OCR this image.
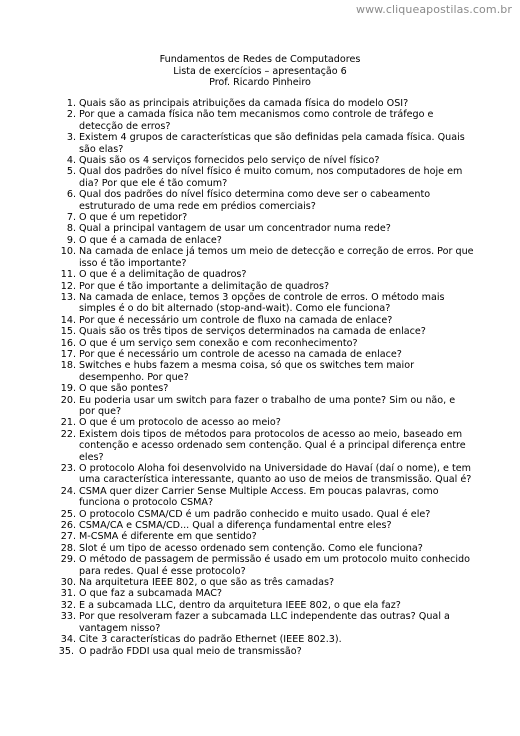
www.cliqueapostilas.com.br
Fundamentos de Redes de Computadores
Lista de exercícios – apresentação 6
Prof. Ricardo Pinheiro
1. Quais são as principais atribuições da camada física do modelo OSI?
2. Por que a camada física não tem mecanismos como controle de tráfego e detecção de erros?
3. Existem 4 grupos de características que são definidas pela camada física. Quais são elas?
4. Quais são os 4 serviços fornecidos pelo serviço de nível físico?
5. Qual dos padrões do nível físico é muito comum, nos computadores de hoje em dia? Por que ele é tão comum?
6. Qual dos padrões do nível físico determina como deve ser o cabeamento estruturado de uma rede em prédios comerciais?
7. O que é um repetidor?
8. Qual a principal vantagem de usar um concentrador numa rede?
9. O que é a camada de enlace?
10. Na camada de enlace já temos um meio de detecção e correção de erros. Por que isso é tão importante?
11. O que é a delimitação de quadros?
12. Por que é tão importante a delimitação de quadros?
13. Na camada de enlace, temos 3 opções de controle de erros. O método mais simples é o do bit alternado (stop-and-wait). Como ele funciona?
14. Por que é necessário um controle de fluxo na camada de enlace?
15. Quais são os três tipos de serviços determinados na camada de enlace?
16. O que é um serviço sem conexão e com reconhecimento?
17. Por que é necessário um controle de acesso na camada de enlace?
18. Switches e hubs fazem a mesma coisa, só que os switches tem maior desempenho. Por que?
19. O que são pontes?
20. Eu poderia usar um switch para fazer o trabalho de uma ponte? Sim ou não, e por que?
21. O que é um protocolo de acesso ao meio?
22. Existem dois tipos de métodos para protocolos de acesso ao meio, baseado em contenção e acesso ordenado sem contenção. Qual é a principal diferença entre eles?
23. O protocolo Aloha foi desenvolvido na Universidade do Havaí (daí o nome), e tem uma característica interessante, quanto ao uso de meios de transmissão. Qual é?
24. CSMA quer dizer Carrier Sense Multiple Access. Em poucas palavras, como funciona o protocolo CSMA?
25. O protocolo CSMA/CD é um padrão conhecido e muito usado. Qual é ele?
26. CSMA/CA e CSMA/CD... Qual a diferença fundamental entre eles?
27. M-CSMA é diferente em que sentido?
28. Slot é um tipo de acesso ordenado sem contenção. Como ele funciona?
29. O método de passagem de permissão é usado em um protocolo muito conhecido para redes. Qual é esse protocolo?
30. Na arquitetura IEEE 802, o que são as três camadas?
31. O que faz a subcamada MAC?
32. E a subcamada LLC, dentro da arquitetura IEEE 802, o que ela faz?
33. Por que resolveram fazer a subcamada LLC independente das outras? Qual a vantagem nisso?
34. Cite 3 características do padrão Ethernet (IEEE 802.3).
35. O padrão FDDI usa qual meio de transmissão?
